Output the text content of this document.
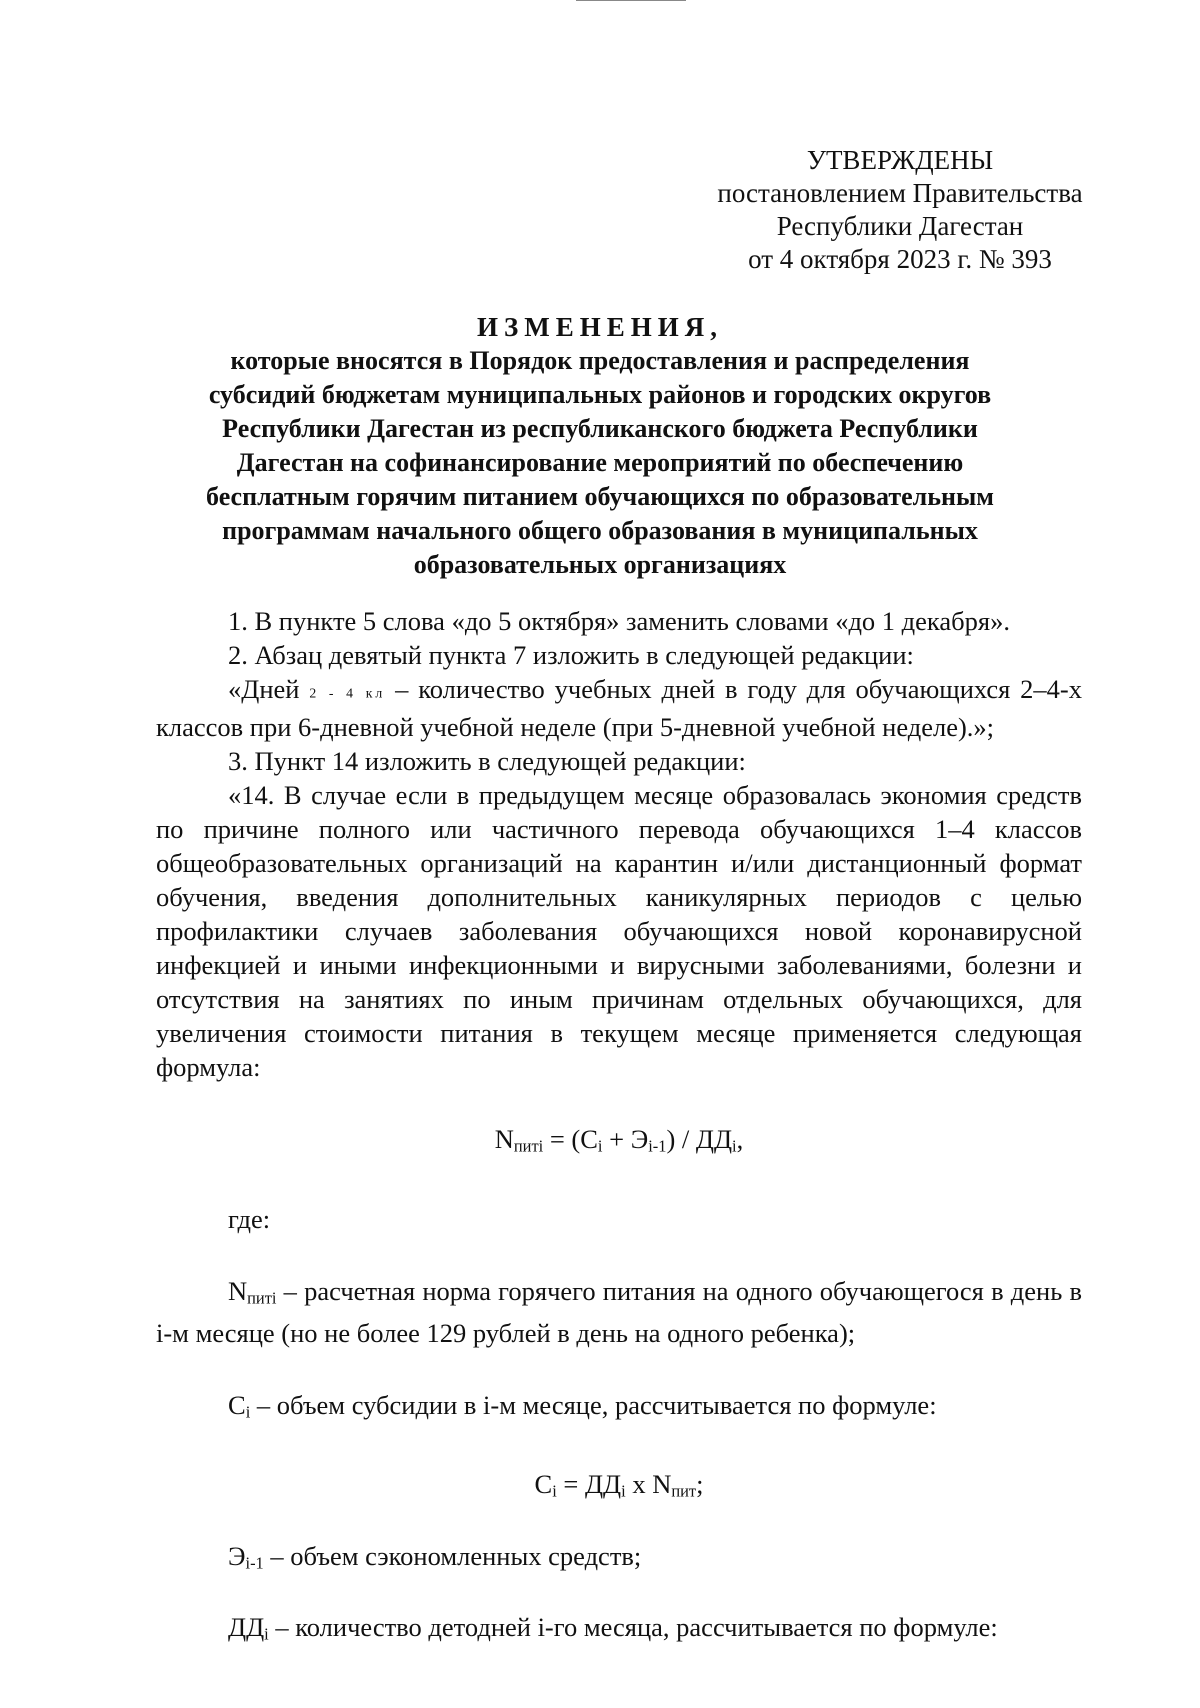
УТВЕРЖДЕНЫ
постановлением Правительства
Республики Дагестан
от 4 октября 2023 г. № 393
ИЗМЕНЕНИЯ,
которые вносятся в Порядок предоставления и распределения
субсидий бюджетам муниципальных районов и городских округов
Республики Дагестан из республиканского бюджета Республики
Дагестан на софинансирование мероприятий по обеспечению
бесплатным горячим питанием обучающихся по образовательным
программам начального общего образования в муниципальных
образовательных организациях

1. В пункте 5 слова «до 5 октября» заменить словами «до 1 декабря».

2. Абзац девятый пункта 7 изложить в следующей редакции:

«Дней 2 - 4 кл – количество учебных дней в году для обучающихся 2–4-х классов при 6-дневной учебной неделе (при 5-дневной учебной неделе).»;

3. Пункт 14 изложить в следующей редакции:

«14. В случае если в предыдущем месяце образовалась экономия средств по причине полного или частичного перевода обучающихся 1–4 классов общеобразовательных организаций на карантин и/или дистанционный формат обучения, введения дополнительных каникулярных периодов с целью профилактики случаев заболевания обучающихся новой коронавирусной инфекцией и иными инфекционными и вирусными заболеваниями, болезни и отсутствия на занятиях по иным причинам отдельных обучающихся, для увеличения стоимости питания в текущем месяце применяется следующая формула:

$N_{питi} = (C_i + Э_{i-1}) / ДД_i$,

где:

$N_{питi}$ – расчетная норма горячего питания на одного обучающегося в день в i-м месяце (но не более 129 рублей в день на одного ребенка);

$C_i$ – объем субсидии в i-м месяце, рассчитывается по формуле:

$C_i = ДД_i$ x $N_{пит}$;

$Э_{i-1}$ – объем сэкономленных средств;

$ДД_i$ – количество детодней i-го месяца, рассчитывается по формуле:
